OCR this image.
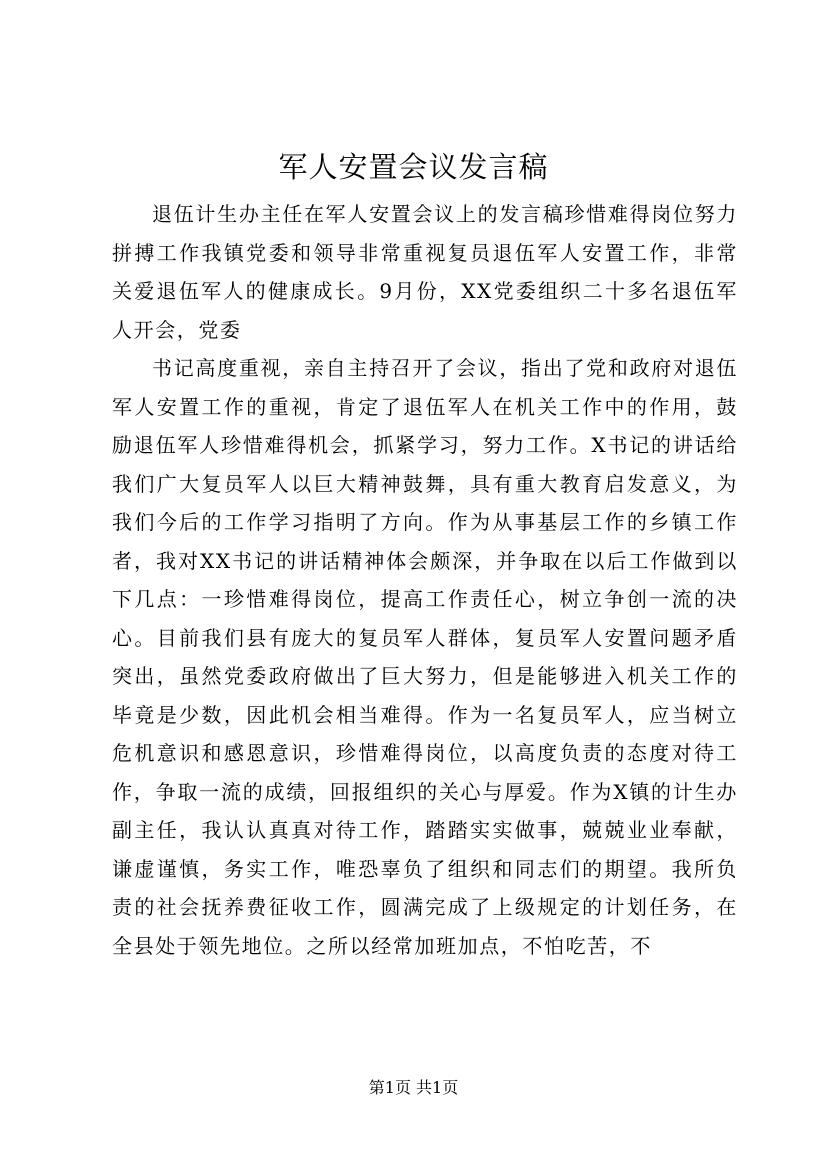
军人安置会议发言稿

退伍计生办主任在军人安置会议上的发言稿珍惜难得岗位努力拼搏工作我镇党委和领导非常重视复员退伍军人安置工作，非常关爱退伍军人的健康成长。9月份，XX党委组织二十多名退伍军人开会，党委

书记高度重视，亲自主持召开了会议，指出了党和政府对退伍军人安置工作的重视，肯定了退伍军人在机关工作中的作用，鼓励退伍军人珍惜难得机会，抓紧学习，努力工作。X书记的讲话给我们广大复员军人以巨大精神鼓舞，具有重大教育启发意义，为我们今后的工作学习指明了方向。作为从事基层工作的乡镇工作者，我对XX书记的讲话精神体会颇深，并争取在以后工作做到以下几点：一珍惜难得岗位，提高工作责任心，树立争创一流的决心。目前我们县有庞大的复员军人群体，复员军人安置问题矛盾突出，虽然党委政府做出了巨大努力，但是能够进入机关工作的毕竟是少数，因此机会相当难得。作为一名复员军人，应当树立危机意识和感恩意识，珍惜难得岗位，以高度负责的态度对待工作，争取一流的成绩，回报组织的关心与厚爱。作为X镇的计生办副主任，我认认真真对待工作，踏踏实实做事，兢兢业业奉献，谦虚谨慎，务实工作，唯恐辜负了组织和同志们的期望。我所负责的社会抚养费征收工作，圆满完成了上级规定的计划任务，在全县处于领先地位。之所以经常加班加点，不怕吃苦，不

第1页 共1页
